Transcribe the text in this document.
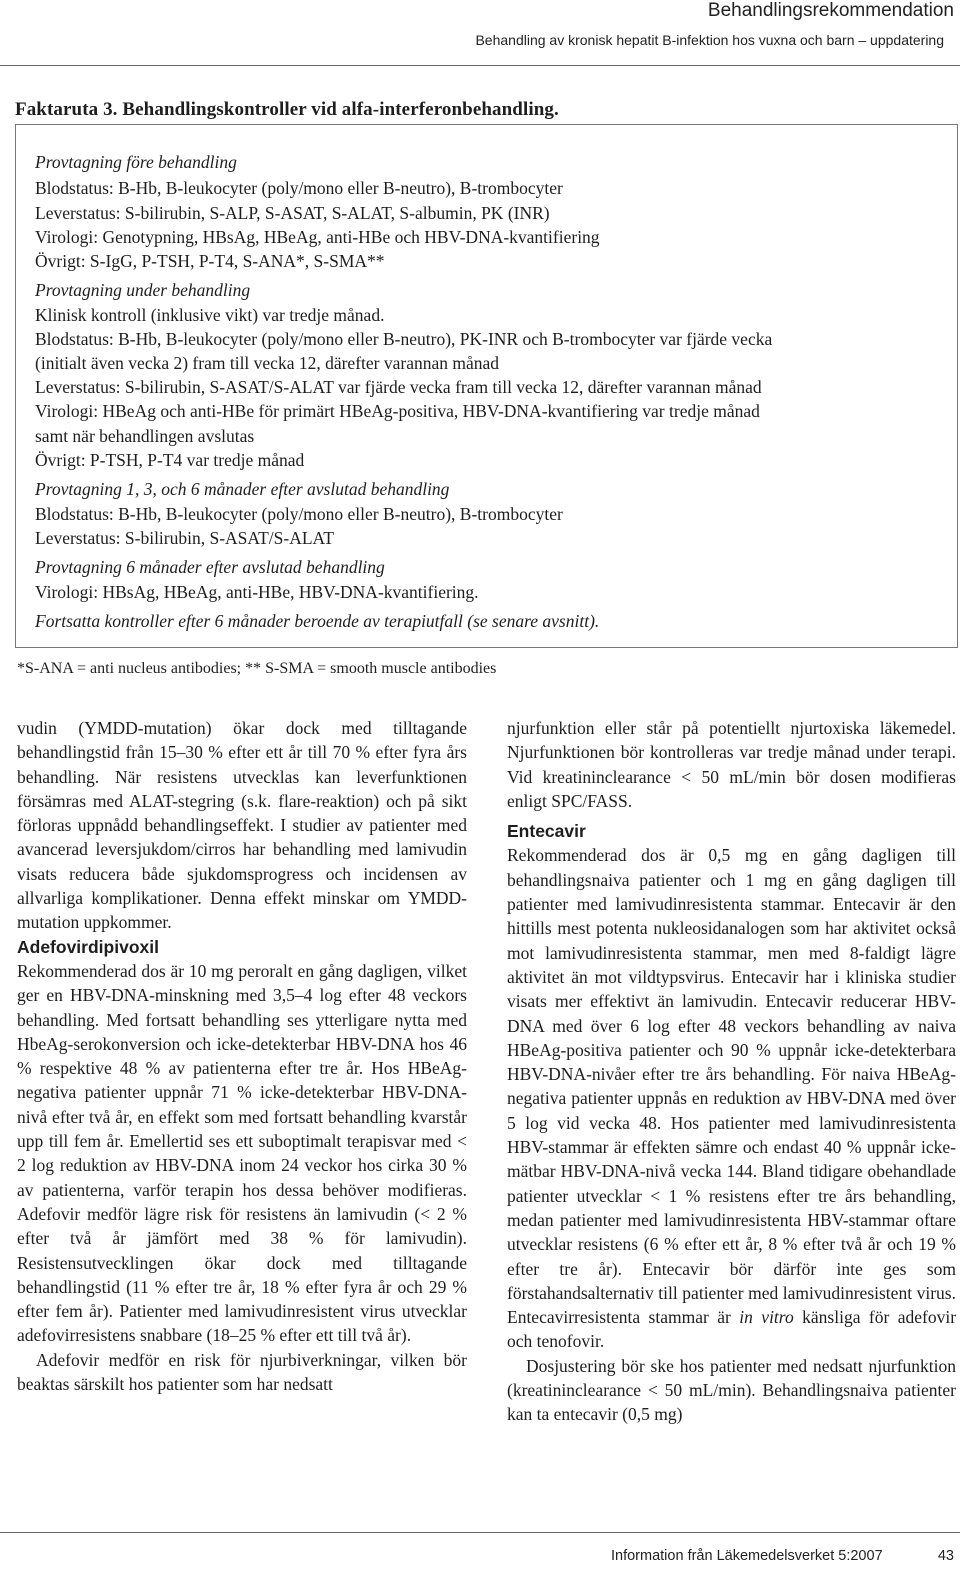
Behandlingsrekommendation
Behandling av kronisk hepatit B-infektion hos vuxna och barn – uppdatering
Faktaruta 3. Behandlingskontroller vid alfa-interferonbehandling.
Provtagning före behandling
Blodstatus: B-Hb, B-leukocyter (poly/mono eller B-neutro), B-trombocyter
Leverstatus: S-bilirubin, S-ALP, S-ASAT, S-ALAT, S-albumin, PK (INR)
Virologi: Genotypning, HBsAg, HBeAg, anti-HBe och HBV-DNA-kvantifiering
Övrigt: S-IgG, P-TSH, P-T4, S-ANA*, S-SMA**
Provtagning under behandling
Klinisk kontroll (inklusive vikt) var tredje månad.
Blodstatus: B-Hb, B-leukocyter (poly/mono eller B-neutro), PK-INR och B-trombocyter var fjärde vecka
(initialt även vecka 2) fram till vecka 12, därefter varannan månad
Leverstatus: S-bilirubin, S-ASAT/S-ALAT var fjärde vecka fram till vecka 12, därefter varannan månad
Virologi: HBeAg och anti-HBe för primärt HBeAg-positiva, HBV-DNA-kvantifiering var tredje månad
samt när behandlingen avslutas
Övrigt: P-TSH, P-T4 var tredje månad
Provtagning 1, 3, och 6 månader efter avslutad behandling
Blodstatus: B-Hb, B-leukocyter (poly/mono eller B-neutro), B-trombocyter
Leverstatus: S-bilirubin, S-ASAT/S-ALAT
Provtagning 6 månader efter avslutad behandling
Virologi: HBsAg, HBeAg, anti-HBe, HBV-DNA-kvantifiering.
Fortsatta kontroller efter 6 månader beroende av terapiutfall (se senare avsnitt).
*S-ANA = anti nucleus antibodies; ** S-SMA = smooth muscle antibodies

vudin (YMDD-mutation) ökar dock med tilltagande behandlingstid från 15–30 % efter ett år till 70 % efter fyra års behandling. När resistens utvecklas kan leverfunktionen försämras med ALAT-stegring (s.k. flare-reaktion) och på sikt förloras uppnådd behandlingseffekt. I studier av patienter med avancerad leversjukdom/cirros har behandling med lamivudin visats reducera både sjukdomsprogress och incidensen av allvarliga komplikationer. Denna effekt minskar om YMDD-mutation uppkommer.

Adefovirdipivoxil

Rekommenderad dos är 10 mg peroralt en gång dagligen, vilket ger en HBV-DNA-minskning med 3,5–4 log efter 48 veckors behandling. Med fortsatt behandling ses ytterligare nytta med HbeAg-serokonversion och icke-detekterbar HBV-DNA hos 46 % respektive 48 % av patienterna efter tre år. Hos HBeAg-negativa patienter uppnår 71 % icke-detekterbar HBV-DNA-nivå efter två år, en effekt som med fortsatt behandling kvarstår upp till fem år. Emellertid ses ett suboptimalt terapisvar med < 2 log reduktion av HBV-DNA inom 24 veckor hos cirka 30 % av patienterna, varför terapin hos dessa behöver modifieras. Adefovir medför lägre risk för resistens än lamivudin (< 2 % efter två år jämfört med 38 % för lamivudin). Resistensutvecklingen ökar dock med tilltagande behandlingstid (11 % efter tre år, 18 % efter fyra år och 29 % efter fem år). Patienter med lamivudinresistent virus utvecklar adefovirresistens snabbare (18–25 % efter ett till två år).

Adefovir medför en risk för njurbiverkningar, vilken bör beaktas särskilt hos patienter som har nedsatt

njurfunktion eller står på potentiellt njurtoxiska läkemedel. Njurfunktionen bör kontrolleras var tredje månad under terapi. Vid kreatininclearance < 50 mL/min bör dosen modifieras enligt SPC/FASS.

Entecavir

Rekommenderad dos är 0,5 mg en gång dagligen till behandlingsnaiva patienter och 1 mg en gång dagligen till patienter med lamivudinresistenta stammar. Entecavir är den hittills mest potenta nukleosidanalogen som har aktivitet också mot lamivudinresistenta stammar, men med 8-faldigt lägre aktivitet än mot vildtypsvirus. Entecavir har i kliniska studier visats mer effektivt än lamivudin. Entecavir reducerar HBV-DNA med över 6 log efter 48 veckors behandling av naiva HBeAg-positiva patienter och 90 % uppnår icke-detekterbara HBV-DNA-nivåer efter tre års behandling. För naiva HBeAg-negativa patienter uppnås en reduktion av HBV-DNA med över 5 log vid vecka 48. Hos patienter med lamivudinresistenta HBV-stammar är effekten sämre och endast 40 % uppnår icke-mätbar HBV-DNA-nivå vecka 144. Bland tidigare obehandlade patienter utvecklar < 1 % resistens efter tre års behandling, medan patienter med lamivudinresistenta HBV-stammar oftare utvecklar resistens (6 % efter ett år, 8 % efter två år och 19 % efter tre år). Entecavir bör därför inte ges som förstahandsalternativ till patienter med lamivudinresistent virus. Entecavirresistenta stammar är in vitro känsliga för adefovir och tenofovir.

Dosjustering bör ske hos patienter med nedsatt njurfunktion (kreatininclearance < 50 mL/min). Behandlingsnaiva patienter kan ta entecavir (0,5 mg)

Information från Läkemedelsverket 5:2007	43
